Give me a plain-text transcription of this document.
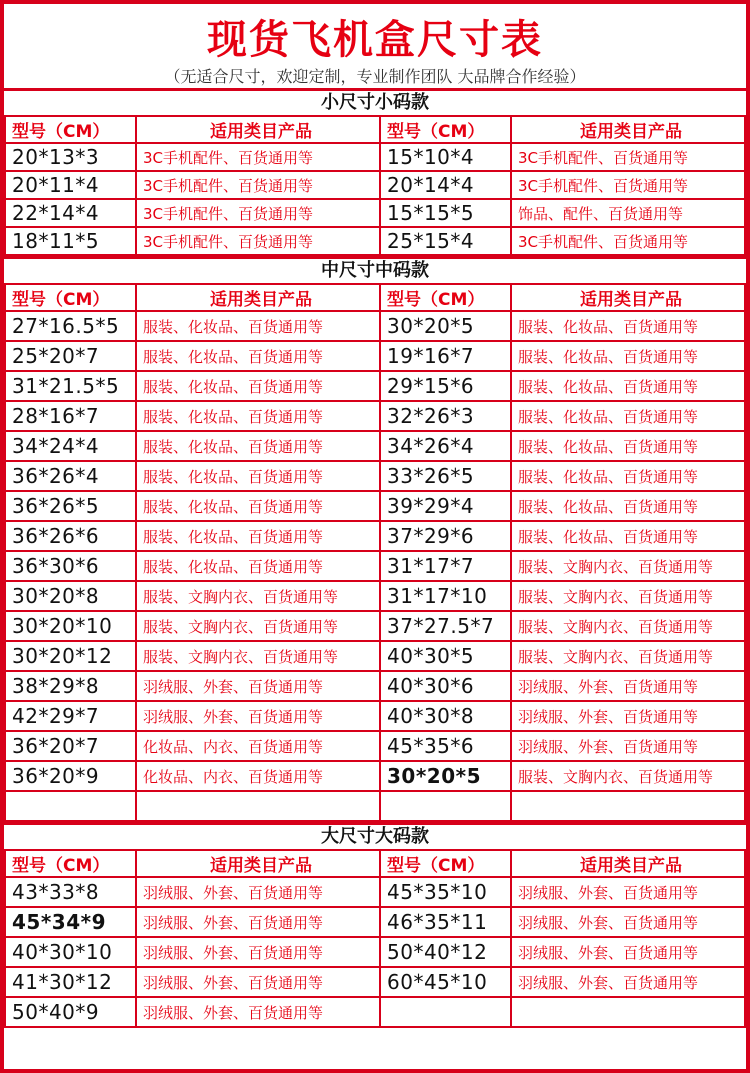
现货飞机盒尺寸表
（无适合尺寸，欢迎定制，专业制作团队 大品牌合作经验）
小尺寸小码款
型号（CM）	适用类目产品	型号（CM）	适用类目产品
20*13*3	3C手机配件、百货通用等	15*10*4	3C手机配件、百货通用等
20*11*4	3C手机配件、百货通用等	20*14*4	3C手机配件、百货通用等
22*14*4	3C手机配件、百货通用等	15*15*5	饰品、配件、百货通用等
18*11*5	3C手机配件、百货通用等	25*15*4	3C手机配件、百货通用等
中尺寸中码款
型号（CM）	适用类目产品	型号（CM）	适用类目产品
27*16.5*5	服装、化妆品、百货通用等	30*20*5	服装、化妆品、百货通用等
25*20*7	服装、化妆品、百货通用等	19*16*7	服装、化妆品、百货通用等
31*21.5*5	服装、化妆品、百货通用等	29*15*6	服装、化妆品、百货通用等
28*16*7	服装、化妆品、百货通用等	32*26*3	服装、化妆品、百货通用等
34*24*4	服装、化妆品、百货通用等	34*26*4	服装、化妆品、百货通用等
36*26*4	服装、化妆品、百货通用等	33*26*5	服装、化妆品、百货通用等
36*26*5	服装、化妆品、百货通用等	39*29*4	服装、化妆品、百货通用等
36*26*6	服装、化妆品、百货通用等	37*29*6	服装、化妆品、百货通用等
36*30*6	服装、化妆品、百货通用等	31*17*7	服装、文胸内衣、百货通用等
30*20*8	服装、文胸内衣、百货通用等	31*17*10	服装、文胸内衣、百货通用等
30*20*10	服装、文胸内衣、百货通用等	37*27.5*7	服装、文胸内衣、百货通用等
30*20*12	服装、文胸内衣、百货通用等	40*30*5	服装、文胸内衣、百货通用等
38*29*8	羽绒服、外套、百货通用等	40*30*6	羽绒服、外套、百货通用等
42*29*7	羽绒服、外套、百货通用等	40*30*8	羽绒服、外套、百货通用等
36*20*7	化妆品、内衣、百货通用等	45*35*6	羽绒服、外套、百货通用等
36*20*9	化妆品、内衣、百货通用等	30*20*5	服装、文胸内衣、百货通用等

大尺寸大码款
型号（CM）	适用类目产品	型号（CM）	适用类目产品
43*33*8	羽绒服、外套、百货通用等	45*35*10	羽绒服、外套、百货通用等
45*34*9	羽绒服、外套、百货通用等	46*35*11	羽绒服、外套、百货通用等
40*30*10	羽绒服、外套、百货通用等	50*40*12	羽绒服、外套、百货通用等
41*30*12	羽绒服、外套、百货通用等	60*45*10	羽绒服、外套、百货通用等
50*40*9	羽绒服、外套、百货通用等		
